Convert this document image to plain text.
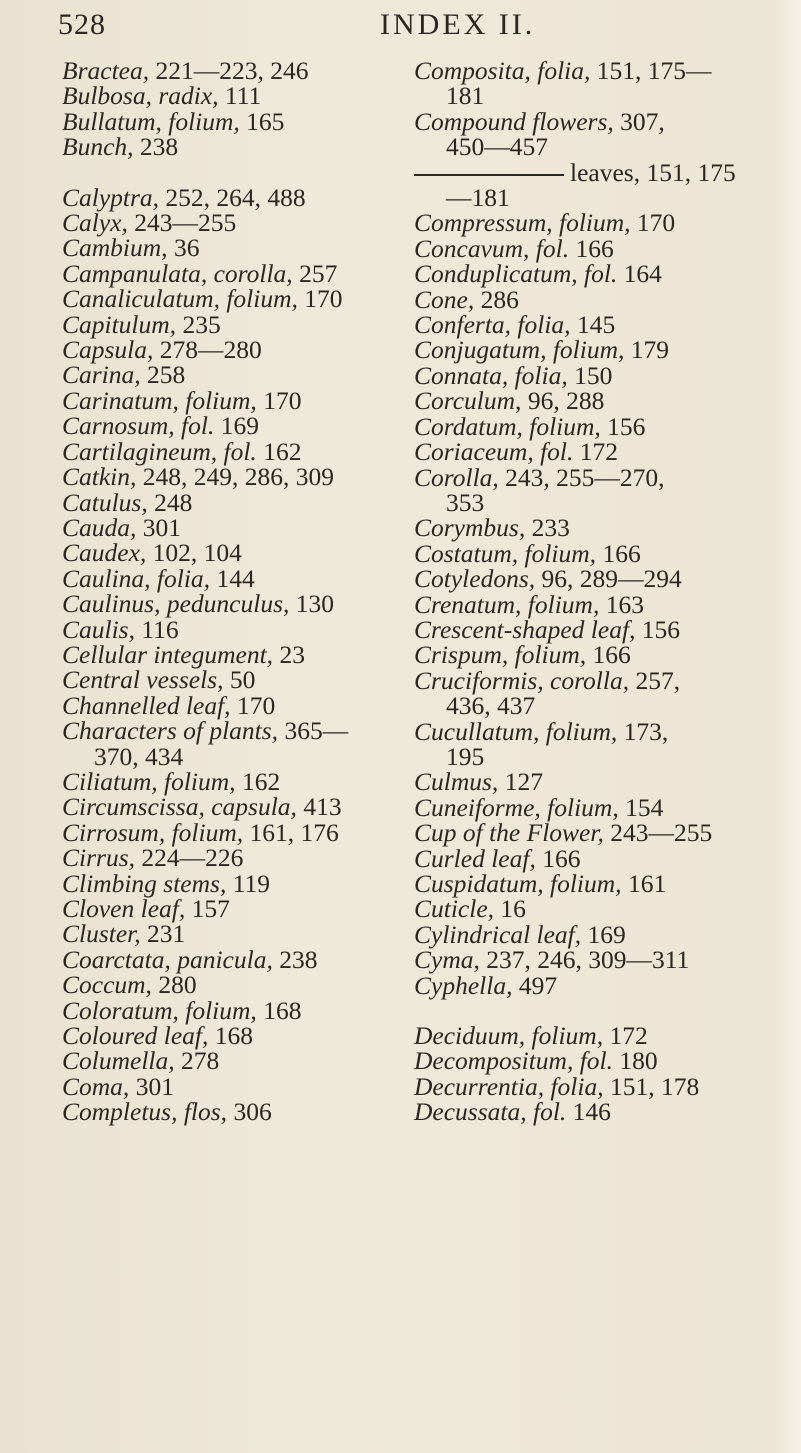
528	INDEX II.
Bractea, 221—223, 246
Bulbosa, radix, 111
Bullatum, folium, 165
Bunch, 238
Calyptra, 252, 264, 488
Calyx, 243—255
Cambium, 36
Campanulata, corolla, 257
Canaliculatum, folium, 170
Capitulum, 235
Capsula, 278—280
Carina, 258
Carinatum, folium, 170
Carnosum, fol. 169
Cartilagineum, fol. 162
Catkin, 248, 249, 286, 309
Catulus, 248
Cauda, 301
Caudex, 102, 104
Caulina, folia, 144
Caulinus, pedunculus, 130
Caulis, 116
Cellular integument, 23
Central vessels, 50
Channelled leaf, 170
Characters of plants, 365—
370, 434
Ciliatum, folium, 162
Circumscissa, capsula, 413
Cirrosum, folium, 161, 176
Cirrus, 224—226
Climbing stems, 119
Cloven leaf, 157
Cluster, 231
Coarctata, panicula, 238
Coccum, 280
Coloratum, folium, 168
Coloured leaf, 168
Columella, 278
Coma, 301
Completus, flos, 306
Composita, folia, 151, 175—
181
Compound flowers, 307,
450—457
leaves, 151, 175
—181
Compressum, folium, 170
Concavum, fol. 166
Conduplicatum, fol. 164
Cone, 286
Conferta, folia, 145
Conjugatum, folium, 179
Connata, folia, 150
Corculum, 96, 288
Cordatum, folium, 156
Coriaceum, fol. 172
Corolla, 243, 255—270,
353
Corymbus, 233
Costatum, folium, 166
Cotyledons, 96, 289—294
Crenatum, folium, 163
Crescent-shaped leaf, 156
Crispum, folium, 166
Cruciformis, corolla, 257,
436, 437
Cucullatum, folium, 173,
195
Culmus, 127
Cuneiforme, folium, 154
Cup of the Flower, 243—255
Curled leaf, 166
Cuspidatum, folium, 161
Cuticle, 16
Cylindrical leaf, 169
Cyma, 237, 246, 309—311
Cyphella, 497
Deciduum, folium, 172
Decompositum, fol. 180
Decurrentia, folia, 151, 178
Decussata, fol. 146
